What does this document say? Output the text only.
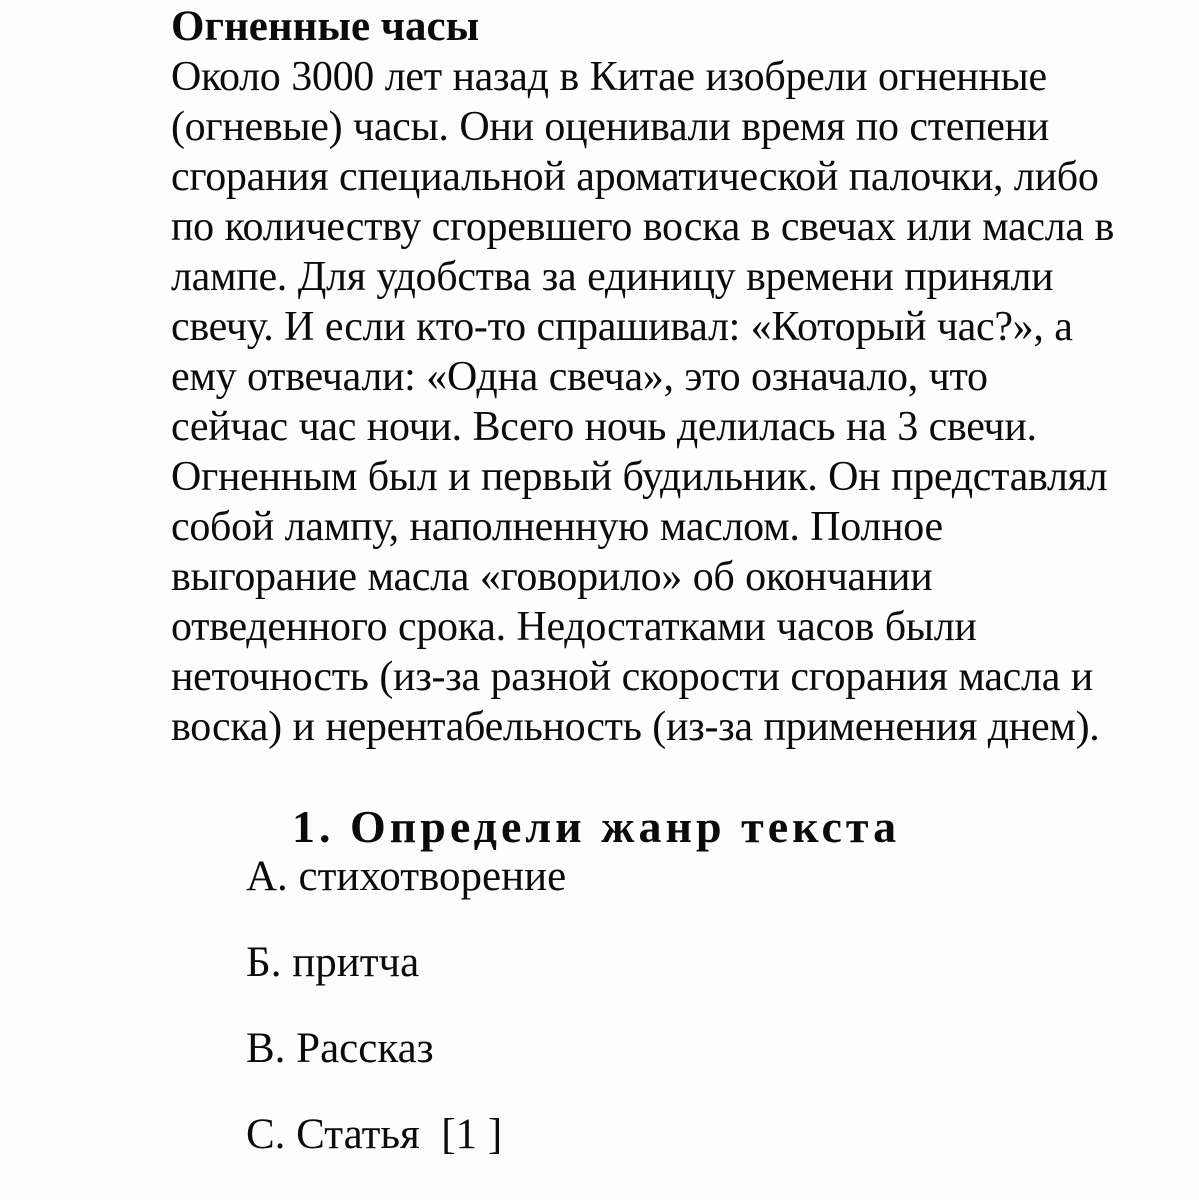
Огненные часы

Около 3000 лет назад в Китае изобрели огненные (огневые) часы. Они оценивали время по степени сгорания специальной ароматической палочки, либо по количеству сгоревшего воска в свечах или масла в лампе. Для удобства за единицу времени приняли свечу. И если кто-то спрашивал: «Который час?», а ему отвечали: «Одна свеча», это означало, что сейчас час ночи. Всего ночь делилась на 3 свечи. Огненным был и первый будильник. Он представлял собой лампу, наполненную маслом. Полное выгорание масла «говорило» об окончании отведенного срока. Недостатками часов были неточность (из-за разной скорости сгорания масла и воска) и нерентабельность (из-за применения днем).

1. Определи жанр текста
А. стихотворение
Б. притча
В. Рассказ
С. Статья  [1 ]
